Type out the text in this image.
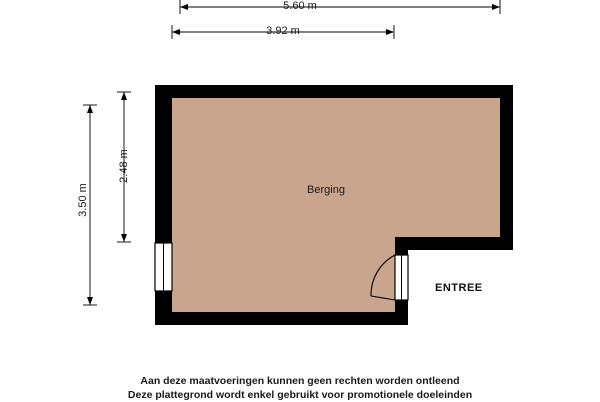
5.60 m
3.92 m
3.50 m
2.48 m
Berging
ENTREE
Aan deze maatvoeringen kunnen geen rechten worden ontleend
Deze plattegrond wordt enkel gebruikt voor promotionele doeleinden
